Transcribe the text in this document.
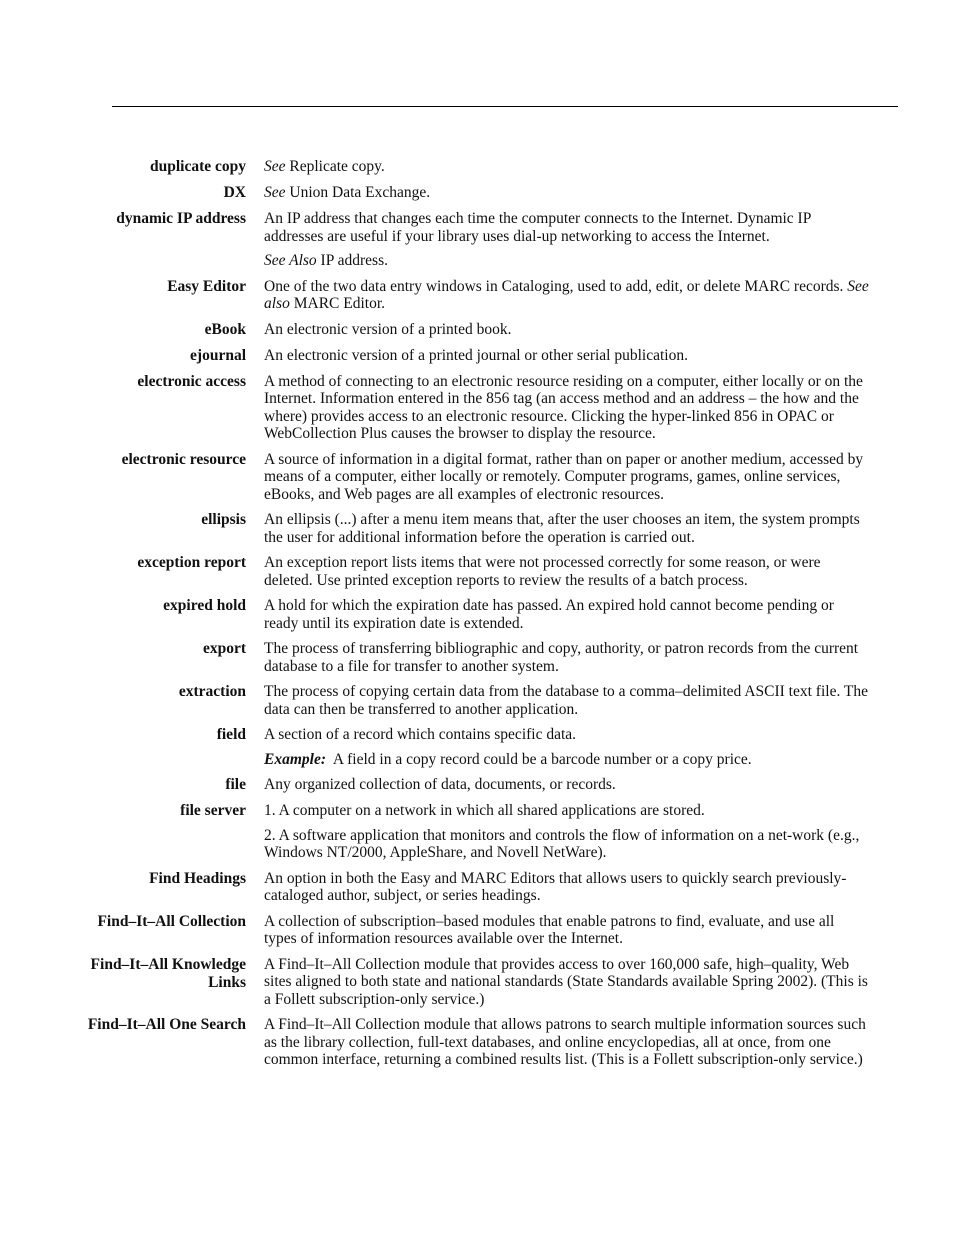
duplicate copy See Replicate copy.

DX See Union Data Exchange.

dynamic IP address An IP address that changes each time the computer connects to the Internet. Dynamic IP addresses are useful if your library uses dial-up networking to access the Internet.

See Also IP address.

Easy Editor One of the two data entry windows in Cataloging, used to add, edit, or delete MARC records. See also MARC Editor.

eBook An electronic version of a printed book.

ejournal An electronic version of a printed journal or other serial publication.

electronic access A method of connecting to an electronic resource residing on a computer, either locally or on the Internet. Information entered in the 856 tag (an access method and an address – the how and the where) provides access to an electronic resource. Clicking the hyper-linked 856 in OPAC or WebCollection Plus causes the browser to display the resource.

electronic resource A source of information in a digital format, rather than on paper or another medium, accessed by means of a computer, either locally or remotely. Computer programs, games, online services, eBooks, and Web pages are all examples of electronic resources.

ellipsis An ellipsis (...) after a menu item means that, after the user chooses an item, the system prompts the user for additional information before the operation is carried out.

exception report An exception report lists items that were not processed correctly for some reason, or were deleted. Use printed exception reports to review the results of a batch process.

expired hold A hold for which the expiration date has passed. An expired hold cannot become pending or ready until its expiration date is extended.

export The process of transferring bibliographic and copy, authority, or patron records from the current database to a file for transfer to another system.

extraction The process of copying certain data from the database to a comma–delimited ASCII text file. The data can then be transferred to another application.

field A section of a record which contains specific data.

Example:  A field in a copy record could be a barcode number or a copy price.

file Any organized collection of data, documents, or records.

file server 1. A computer on a network in which all shared applications are stored.

2. A software application that monitors and controls the flow of information on a net-work (e.g., Windows NT/2000, AppleShare, and Novell NetWare).

Find Headings An option in both the Easy and MARC Editors that allows users to quickly search previously-cataloged author, subject, or series headings.

Find–It–All Collection A collection of subscription–based modules that enable patrons to find, evaluate, and use all types of information resources available over the Internet.

Find–It–All Knowledge Links

A Find–It–All Collection module that provides access to over 160,000 safe, high–quality, Web sites aligned to both state and national standards (State Standards available Spring 2002). (This is a Follett subscription-only service.)

Find–It–All One Search A Find–It–All Collection module that allows patrons to search multiple information sources such as the library collection, full-text databases, and online encyclopedias, all at once, from one common interface, returning a combined results list. (This is a Follett subscription-only service.)
